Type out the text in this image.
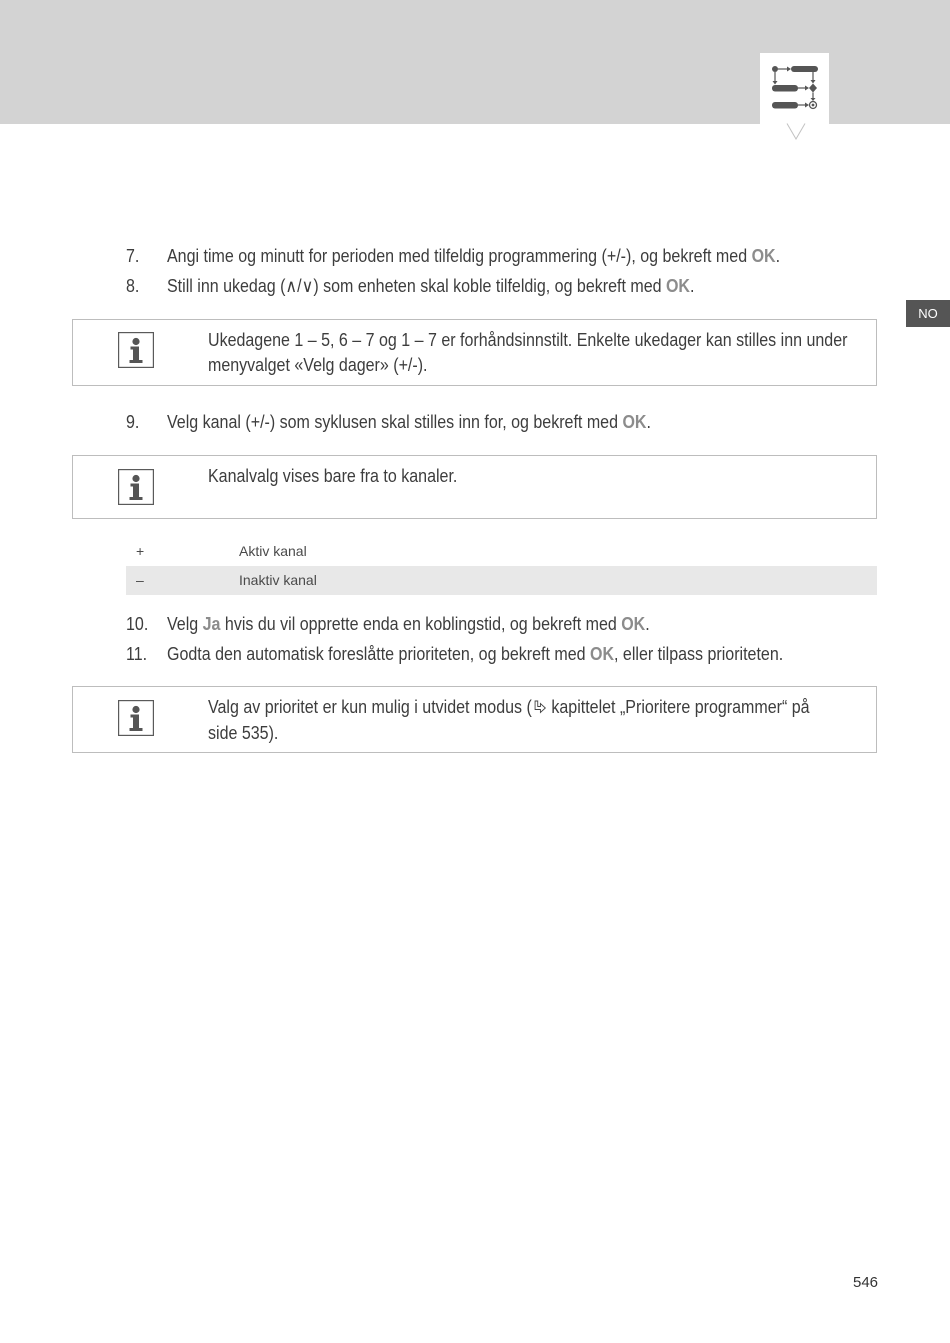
NO
7. Angi time og minutt for perioden med tilfeldig programmering (+/-), og bekreft med OK.
8. Still inn ukedag (∧/∨) som enheten skal koble tilfeldig, og bekreft med OK.
Ukedagene 1 – 5, 6 – 7 og 1 – 7 er forhåndsinnstilt. Enkelte ukedager kan stilles inn under
menyvalget «Velg dager» (+/-).
9. Velg kanal (+/-) som syklusen skal stilles inn for, og bekreft med OK.
Kanalvalg vises bare fra to kanaler.
+	Aktiv kanal
–	Inaktiv kanal
10. Velg Ja hvis du vil opprette enda en koblingstid, og bekreft med OK.
11. Godta den automatisk foreslåtte prioriteten, og bekreft med OK, eller tilpass prioriteten.
Valg av prioritet er kun mulig i utvidet modus ( kapittelet „Prioritere programmer“ på
side 535).
546
